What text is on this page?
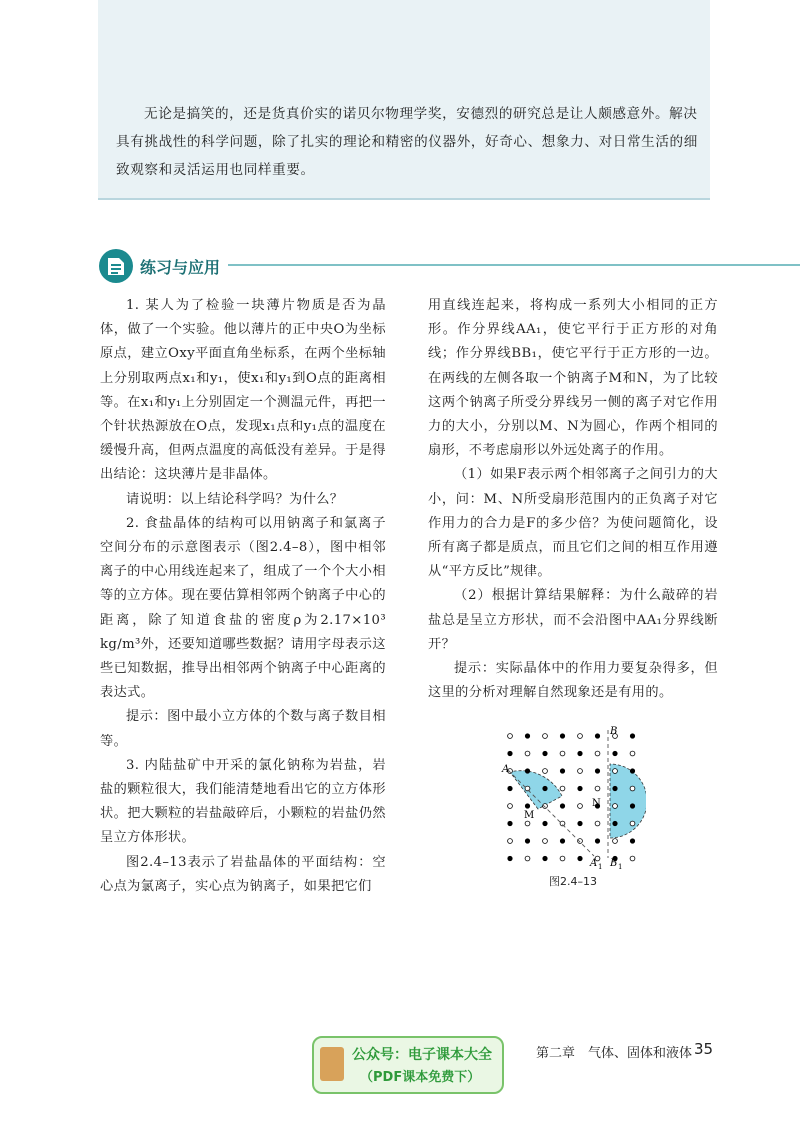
无论是搞笑的，还是货真价实的诺贝尔物理学奖，安德烈的研究总是让人颇感意外。解决具有挑战性的科学问题，除了扎实的理论和精密的仪器外，好奇心、想象力、对日常生活的细致观察和灵活运用也同样重要。

练习与应用

1. 某人为了检验一块薄片物质是否为晶体，做了一个实验。他以薄片的正中央O为坐标原点，建立Oxy平面直角坐标系，在两个坐标轴上分别取两点x₁和y₁，使x₁和y₁到O点的距离相等。在x₁和y₁上分别固定一个测温元件，再把一个针状热源放在O点，发现x₁点和y₁点的温度在缓慢升高，但两点温度的高低没有差异。于是得出结论：这块薄片是非晶体。

请说明：以上结论科学吗？为什么？

2. 食盐晶体的结构可以用钠离子和氯离子空间分布的示意图表示（图2.4–8），图中相邻离子的中心用线连起来了，组成了一个个大小相等的立方体。现在要估算相邻两个钠离子中心的距离，除了知道食盐的密度ρ为2.17×10³ kg/m³外，还要知道哪些数据？请用字母表示这些已知数据，推导出相邻两个钠离子中心距离的表达式。

提示：图中最小立方体的个数与离子数目相等。

3. 内陆盐矿中开采的氯化钠称为岩盐，岩盐的颗粒很大，我们能清楚地看出它的立方体形状。把大颗粒的岩盐敲碎后，小颗粒的岩盐仍然呈立方体形状。

图2.4–13表示了岩盐晶体的平面结构：空心点为氯离子，实心点为钠离子，如果把它们

用直线连起来，将构成一系列大小相同的正方形。作分界线AA₁，使它平行于正方形的对角线；作分界线BB₁，使它平行于正方形的一边。在两线的左侧各取一个钠离子M和N，为了比较这两个钠离子所受分界线另一侧的离子对它作用力的大小，分别以M、N为圆心，作两个相同的扇形，不考虑扇形以外远处离子的作用。

（1）如果F表示两个相邻离子之间引力的大小，问：M、N所受扇形范围内的正负离子对它作用力的合力是F的多少倍？为使问题简化，设所有离子都是质点，而且它们之间的相互作用遵从“平方反比”规律。

（2）根据计算结果解释：为什么敲碎的岩盐总是呈立方形状，而不会沿图中AA₁分界线断开？

提示：实际晶体中的作用力要复杂得多，但这里的分析对理解自然现象还是有用的。

A
A 1
B
B 1
M
N
图2.4–13
第二章　气体、固体和液体 35
公众号：电子课本大全
（PDF课本免费下）
